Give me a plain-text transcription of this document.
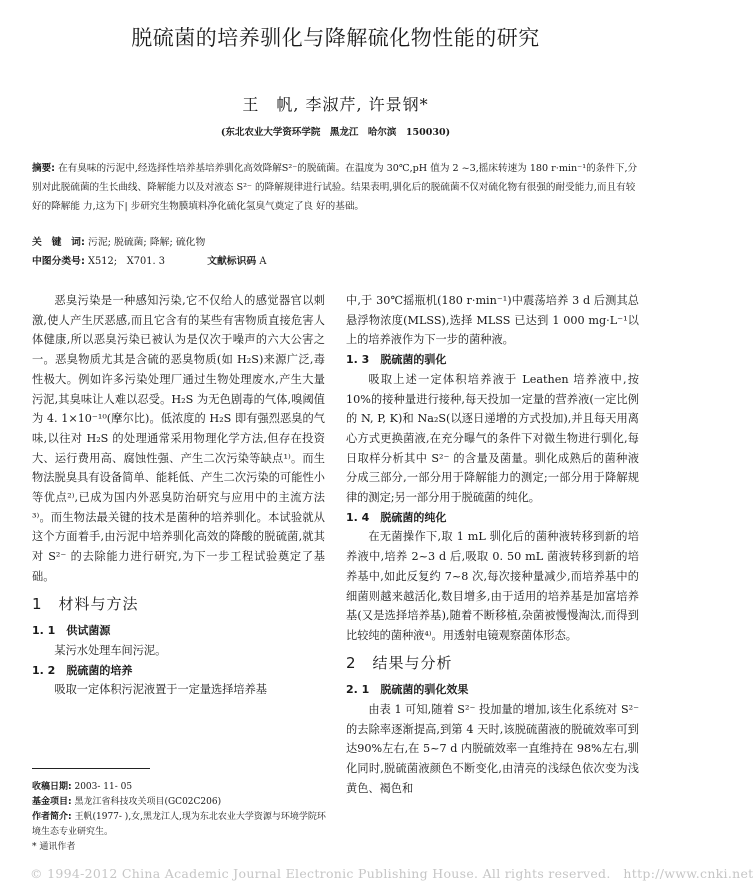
脱硫菌的培养驯化与降解硫化物性能的研究
王　帆, 李淑芹, 许景钢*
(东北农业大学资环学院　黑龙江　哈尔滨　150030)
摘要: 在有臭味的污泥中,经选择性培养基培养驯化高效降解S²⁻的脱硫菌。在温度为 30℃,pH 值为 2 ~3,摇床转速为 180 r·min⁻¹的条件下,分别对此脱硫菌的生长曲线、降解能力以及对液态 S²⁻ 的降解规律进行试验。结果表明,驯化后的脱硫菌不仅对硫化物有很强的耐受能力,而且有较好的降解能 力,这为下| 步研究生物膜填料净化硫化氢臭气奠定了良 好的基础。
关　键　词: 污泥; 脱硫菌; 降解; 硫化物
中图分类号: X512;　X701. 3	文献标识码 A

恶臭污染是一种感知污染,它不仅给人的感觉器官以刺激,使人产生厌恶感,而且它含有的某些有害物质直接危害人体健康,所以恶臭污染已被认为是仅次于噪声的六大公害之一。恶臭物质尤其是含硫的恶臭物质(如 H₂S)来源广泛,毒性极大。例如许多污染处理厂通过生物处理废水,产生大量污泥,其臭味让人难以忍受。H₂S 为无色剧毒的气体,嗅阈值为 4. 1×10⁻¹⁰(摩尔比)。低浓度的 H₂S 即有强烈恶臭的气味,以往对 H₂S 的处理通常采用物理化学方法,但存在投资大、运行费用高、腐蚀性强、产生二次污染等缺点¹⁾。而生物法脱臭具有设备简单、能耗低、产生二次污染的可能性小等优点²⁾,已成为国内外恶臭防治研究与应用中的主流方法³⁾。而生物法最关键的技术是菌种的培养驯化。本试验就从这个方面着手,由污泥中培养驯化高效的降酸的脱硫菌,就其对 S²⁻ 的去除能力进行研究,为下一步工程试验奠定了基础。

1　材料与方法
1. 1　供试菌源

某污水处理车间污泥。

1. 2　脱硫菌的培养

吸取一定体积污泥液置于一定量选择培养基

收稿日期: 2003- 11- 05
基金项目: 黑龙江省科技攻关项目(GC02C206)
作者简介: 王帆(1977- ),女,黑龙江人,现为东北农业大学资源与环境学院环境生态专业研究生。
* 通讯作者

中,于 30℃摇瓶机(180 r·min⁻¹)中震荡培养 3 d 后测其总悬浮物浓度(MLSS),选择 MLSS 已达到 1 000 mg·L⁻¹以上的培养液作为下一步的菌种液。

1. 3　脱硫菌的驯化

吸取上述一定体积培养液于 Leathen 培养液中,按 10%的接种量进行接种,每天投加一定量的营养液(一定比例的 N, P, K)和 Na₂S(以逐日递增的方式投加),并且每天用离心方式更换菌液,在充分曝气的条件下对微生物进行驯化,每日取样分析其中 S²⁻ 的含量及菌量。驯化成熟后的菌种液分成三部分,一部分用于降解能力的测定;一部分用于降解规律的测定;另一部分用于脱硫菌的纯化。

1. 4　脱硫菌的纯化

在无菌操作下,取 1 mL 驯化后的菌种液转移到新的培养液中,培养 2~3 d 后,吸取 0. 50 mL 菌液转移到新的培养基中,如此反复约 7~8 次,每次接种量减少,而培养基中的细菌则越来越活化,数目增多,由于适用的培养基是加富培养基(又是选择培养基),随着不断移植,杂菌被慢慢淘汰,而得到比较纯的菌种液⁴⁾。用透射电镜观察菌体形态。

2　结果与分析
2. 1　脱硫菌的驯化效果

由表 1 可知,随着 S²⁻ 投加量的增加,该生化系统对 S²⁻ 的去除率逐渐提高,到第 4 天时,该脱硫菌液的脱硫效率可到达90%左右,在 5~7 d 内脱硫效率一直维持在 98%左右,驯化同时,脱硫菌液颜色不断变化,由清亮的浅绿色依次变为浅黄色、褐色和

© 1994-2012 China Academic Journal Electronic Publishing House. All rights reserved.　http://www.cnki.net
